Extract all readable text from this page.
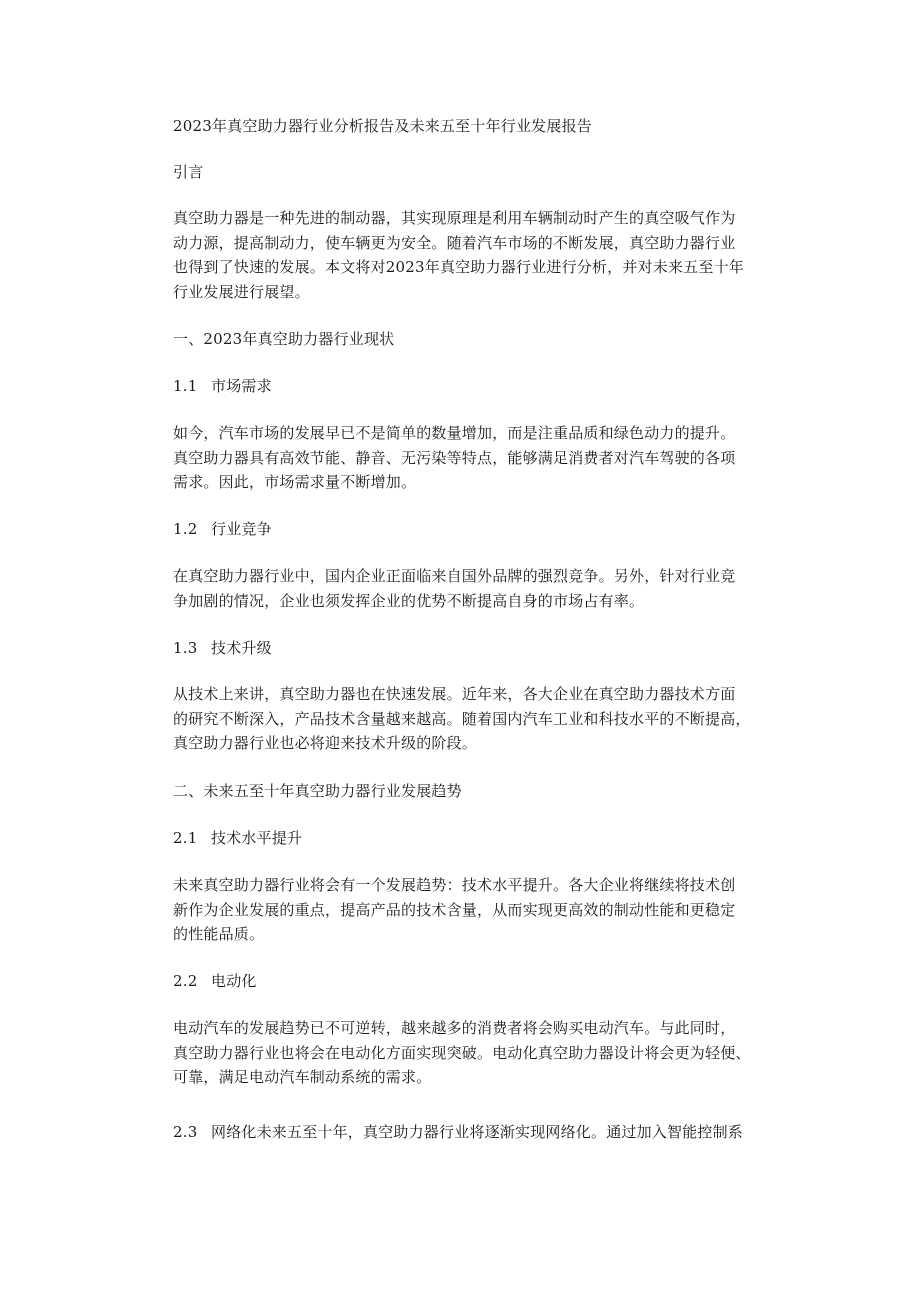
2023年真空助力器行业分析报告及未来五至十年行业发展报告
引言
真空助力器是一种先进的制动器，其实现原理是利用车辆制动时产生的真空吸气作为
动力源，提高制动力，使车辆更为安全。随着汽车市场的不断发展，真空助力器行业
也得到了快速的发展。本文将对2023年真空助力器行业进行分析，并对未来五至十年
行业发展进行展望。
一、2023年真空助力器行业现状
1.1 市场需求
如今，汽车市场的发展早已不是简单的数量增加，而是注重品质和绿色动力的提升。
真空助力器具有高效节能、静音、无污染等特点，能够满足消费者对汽车驾驶的各项
需求。因此，市场需求量不断增加。
1.2 行业竞争
在真空助力器行业中，国内企业正面临来自国外品牌的强烈竞争。另外，针对行业竞
争加剧的情况，企业也须发挥企业的优势不断提高自身的市场占有率。
1.3 技术升级
从技术上来讲，真空助力器也在快速发展。近年来，各大企业在真空助力器技术方面
的研究不断深入，产品技术含量越来越高。随着国内汽车工业和科技水平的不断提高，
真空助力器行业也必将迎来技术升级的阶段。
二、未来五至十年真空助力器行业发展趋势
2.1 技术水平提升
未来真空助力器行业将会有一个发展趋势：技术水平提升。各大企业将继续将技术创
新作为企业发展的重点，提高产品的技术含量，从而实现更高效的制动性能和更稳定
的性能品质。
2.2 电动化
电动汽车的发展趋势已不可逆转，越来越多的消费者将会购买电动汽车。与此同时，
真空助力器行业也将会在电动化方面实现突破。电动化真空助力器设计将会更为轻便、
可靠，满足电动汽车制动系统的需求。
2.3 网络化未来五至十年，真空助力器行业将逐渐实现网络化。通过加入智能控制系
